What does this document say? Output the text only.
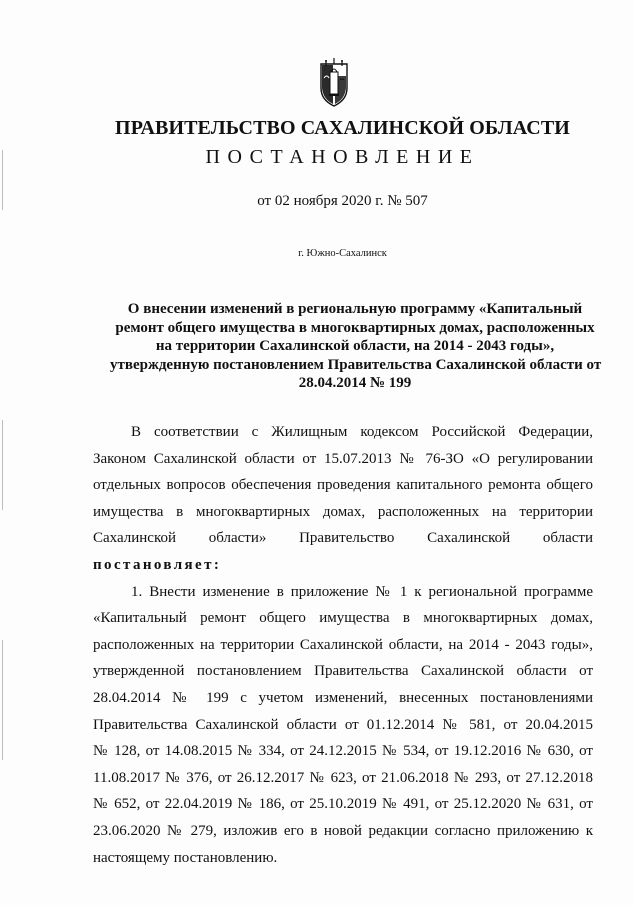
ПРАВИТЕЛЬСТВО САХАЛИНСКОЙ ОБЛАСТИ
ПОСТАНОВЛЕНИЕ
от 02 ноября 2020 г. № 507
г. Южно-Сахалинск
О внесении изменений в региональную программу «Капитальный
ремонт общего имущества в многоквартирных домах, расположенных
на территории Сахалинской области, на 2014 - 2043 годы»,
утвержденную постановлением Правительства Сахалинской области от
28.04.2014 № 199
В соответствии с Жилищным кодексом Российской Федерации,
Законом Сахалинской области от 15.07.2013 № 76-ЗО «О регулировании
отдельных вопросов обеспечения проведения капитального ремонта общего
имущества в многоквартирных домах, расположенных на территории
Сахалинской области» Правительство Сахалинской области
постановляет:
1. Внести изменение в приложение № 1 к региональной программе
«Капитальный ремонт общего имущества в многоквартирных домах,
расположенных на территории Сахалинской области, на 2014 - 2043 годы»,
утвержденной постановлением Правительства Сахалинской области от
28.04.2014 № 199 с учетом изменений, внесенных постановлениями
Правительства Сахалинской области от 01.12.2014 № 581, от 20.04.2015
№ 128, от 14.08.2015 № 334, от 24.12.2015 № 534, от 19.12.2016 № 630, от
11.08.2017 № 376, от 26.12.2017 № 623, от 21.06.2018 № 293, от 27.12.2018
№ 652, от 22.04.2019 № 186, от 25.10.2019 № 491, от 25.12.2020 № 631, от
23.06.2020 № 279, изложив его в новой редакции согласно приложению к
настоящему постановлению.
